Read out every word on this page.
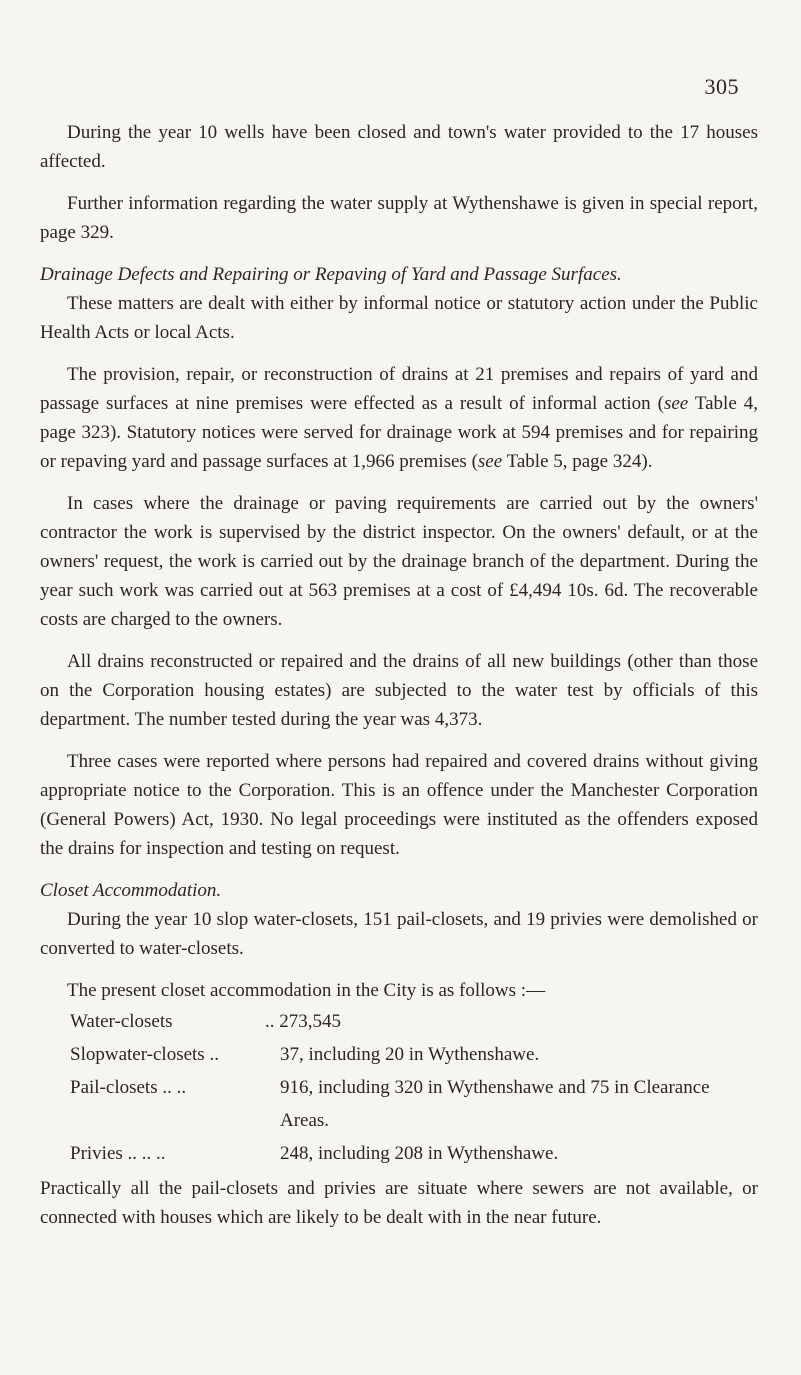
305

During the year 10 wells have been closed and town's water provided to the 17 houses affected.

Further information regarding the water supply at Wythenshawe is given in special report, page 329.

Drainage Defects and Repairing or Repaving of Yard and Passage Surfaces.

These matters are dealt with either by informal notice or statutory action under the Public Health Acts or local Acts.

The provision, repair, or reconstruction of drains at 21 premises and repairs of yard and passage surfaces at nine premises were effected as a result of informal action (see Table 4, page 323). Statutory notices were served for drainage work at 594 premises and for repairing or repaving yard and passage surfaces at 1,966 premises (see Table 5, page 324).

In cases where the drainage or paving requirements are carried out by the owners' contractor the work is supervised by the district inspector. On the owners' default, or at the owners' request, the work is carried out by the drainage branch of the department. During the year such work was carried out at 563 premises at a cost of £4,494 10s. 6d. The recoverable costs are charged to the owners.

All drains reconstructed or repaired and the drains of all new buildings (other than those on the Corporation housing estates) are subjected to the water test by officials of this department. The number tested during the year was 4,373.

Three cases were reported where persons had repaired and covered drains without giving appropriate notice to the Corporation. This is an offence under the Manchester Corporation (General Powers) Act, 1930. No legal proceedings were instituted as the offenders exposed the drains for inspection and testing on request.

Closet Accommodation.

During the year 10 slop water-closets, 151 pail-closets, and 19 privies were demolished or converted to water-closets.

The present closet accommodation in the City is as follows :—

Water-closets	.. 273,545
Slopwater-closets ..	37, including 20 in Wythenshawe.
Pail-closets .. ..	916, including 320 in Wythenshawe and 75 in Clearance Areas.
Privies .. .. ..	248, including 208 in Wythenshawe.

Practically all the pail-closets and privies are situate where sewers are not available, or connected with houses which are likely to be dealt with in the near future.
